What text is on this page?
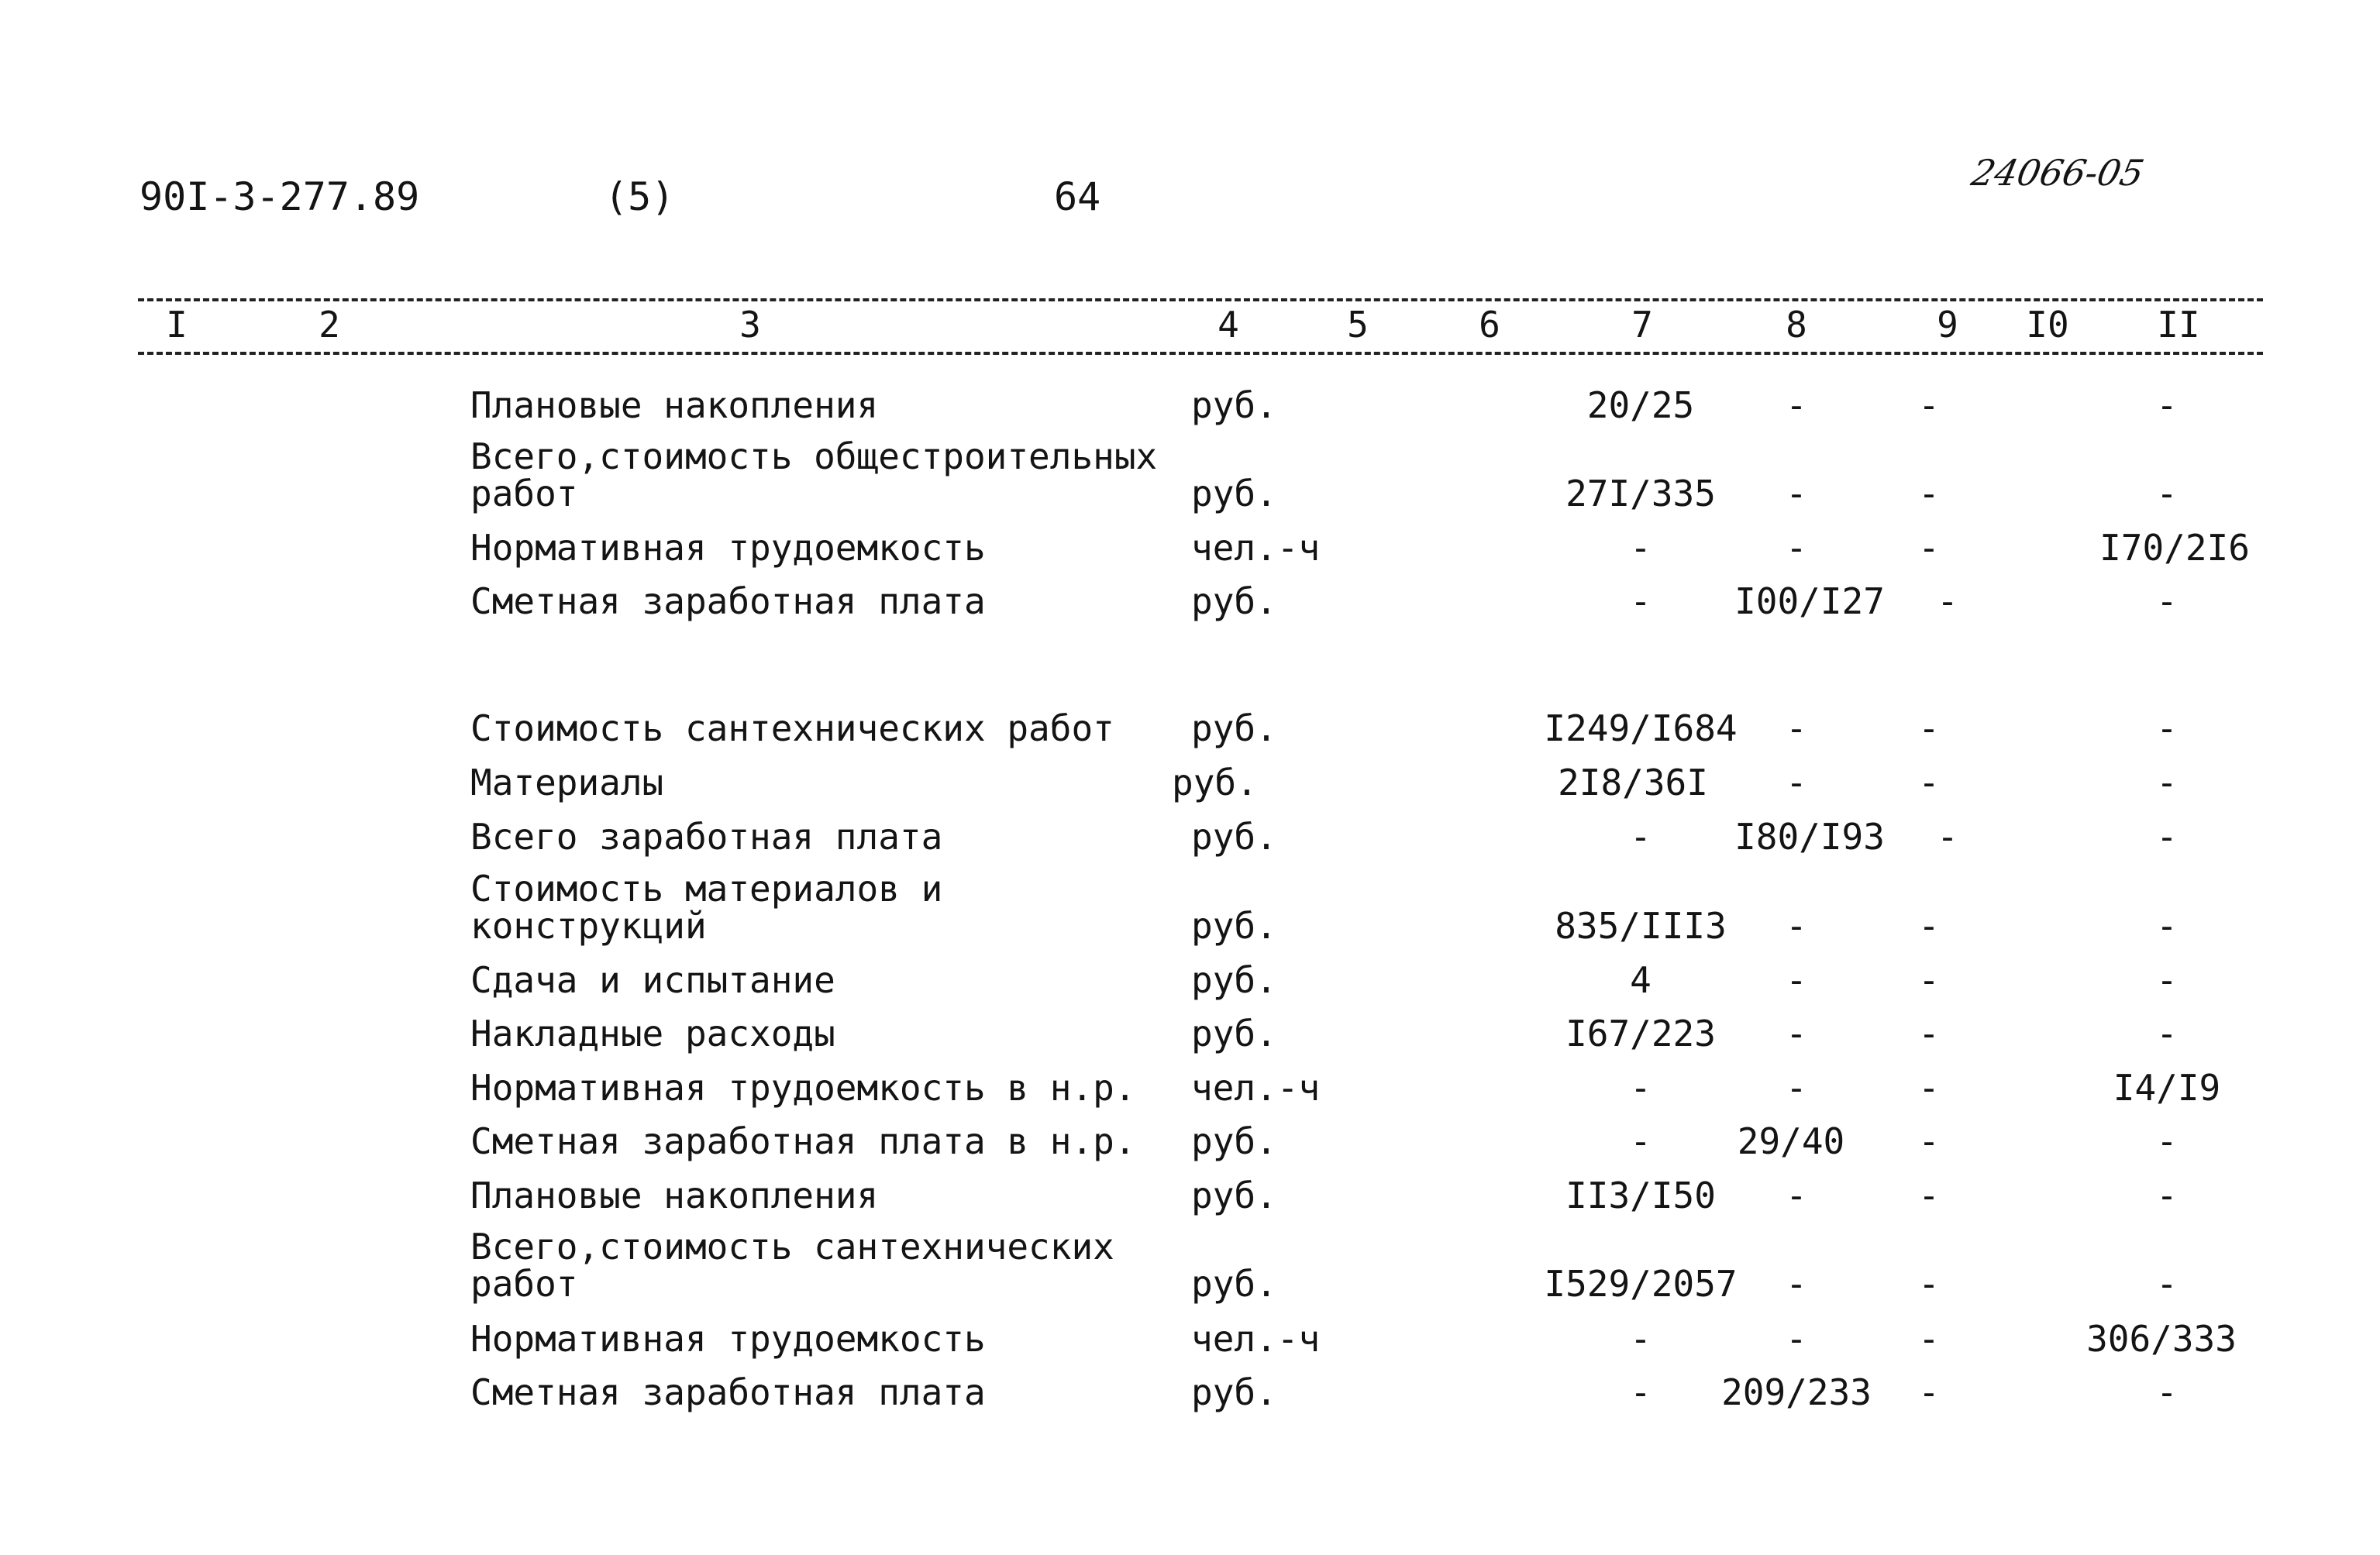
90I-3-277.89	(5)	64
24066-05
I	2	3	4	5	6	7	8	9 I0 II
Плановые накопления	руб.	20/25	-	-	-
Всего,стоимость общестроительных
работ	руб.	27I/335	-	-	-
Нормативная трудоемкость	чел.-ч	-	-	-	I70/2I6
Сметная заработная плата	руб.	-	I00/I27	-	-
Стоимость сантехнических работ руб.	I249/I684	-	-	-
Материалы	руб.	2I8/36I	-	-	-
Всего заработная плата	руб.	-	I80/I93	-	-
Стоимость материалов и
конструкций	руб.	835/III3	-	-	-
Сдача и испытание	руб.	4	-	-	-
Накладные расходы	руб.	I67/223	-	-	-
Нормативная трудоемкость в н.р. чел.-ч	-	-	-	I4/I9
Сметная заработная плата в н.р. руб.	-	29/40	-	-
Плановые накопления	руб.	II3/I50	-	-	-
Всего,стоимость сантехнических
работ	руб.	I529/2057	-	-	-
Нормативная трудоемкость	чел.-ч	-	-	-	306/333
Сметная заработная плата	руб.	-	209/233	-	-
